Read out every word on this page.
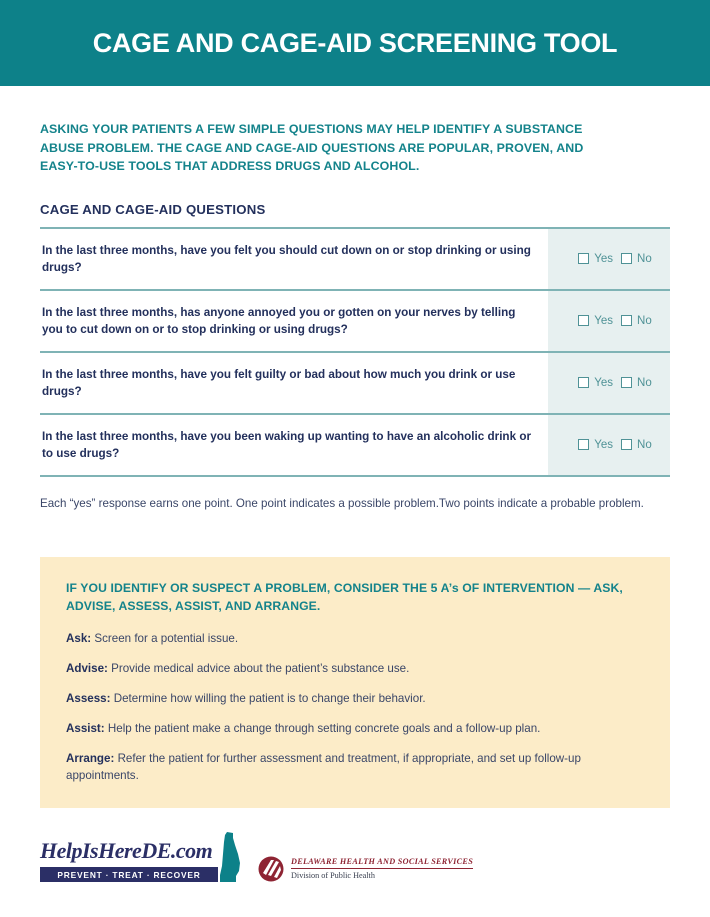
CAGE AND CAGE-AID SCREENING TOOL

ASKING YOUR PATIENTS A FEW SIMPLE QUESTIONS MAY HELP IDENTIFY A SUBSTANCE ABUSE PROBLEM. THE CAGE AND CAGE-AID QUESTIONS ARE POPULAR, PROVEN, AND EASY-TO-USE TOOLS THAT ADDRESS DRUGS AND ALCOHOL.

CAGE AND CAGE-AID QUESTIONS
In the last three months, have you felt you should cut down on or stop drinking or using drugs?
Yes No
In the last three months, has anyone annoyed you or gotten on your nerves by telling you to cut down on or to stop drinking or using drugs?
Yes No
In the last three months, have you felt guilty or bad about how much you drink or use drugs?
Yes No
In the last three months, have you been waking up wanting to have an alcoholic drink or to use drugs?
Yes No

Each “yes” response earns one point. One point indicates a possible problem.Two points indicate a probable problem.

IF YOU IDENTIFY OR SUSPECT A PROBLEM, CONSIDER THE 5 A’s OF INTERVENTION — ASK, ADVISE, ASSESS, ASSIST, AND ARRANGE.
Ask: Screen for a potential issue.
Advise: Provide medical advice about the patient’s substance use.
Assess: Determine how willing the patient is to change their behavior.
Assist: Help the patient make a change through setting concrete goals and a follow-up plan.
Arrange: Refer the patient for further assessment and treatment, if appropriate, and set up follow-up appointments.
HelpIsHereDE.com
PREVENT · TREAT · RECOVER
DELAWARE HEALTH AND SOCIAL SERVICES
Division of Public Health
